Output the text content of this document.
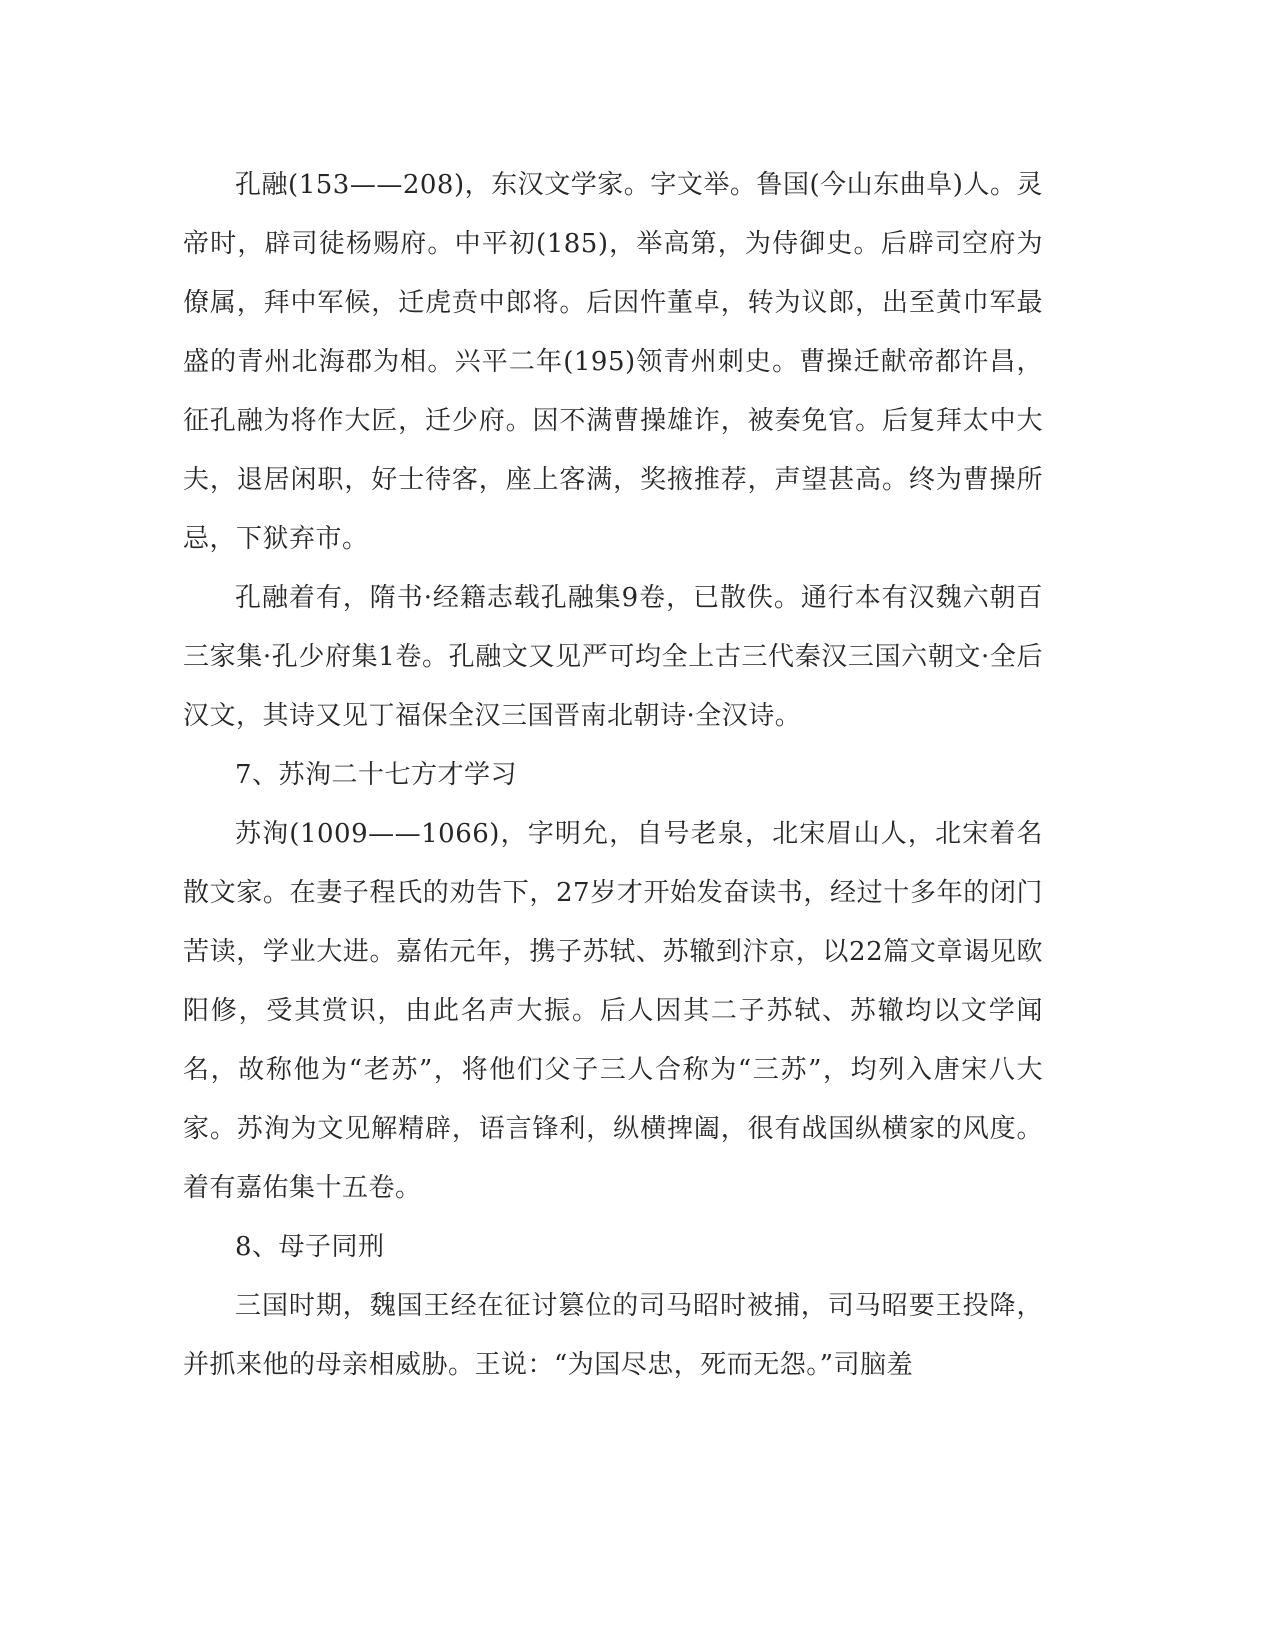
孔融(153——208)，东汉文学家。字文举。鲁国(今山东曲阜)人。灵帝时，辟司徒杨赐府。中平初(185)，举高第，为侍御史。后辟司空府为僚属，拜中军候，迁虎贲中郎将。后因忤董卓，转为议郎，出至黄巾军最盛的青州北海郡为相。兴平二年(195)领青州刺史。曹操迁献帝都许昌，征孔融为将作大匠，迁少府。因不满曹操雄诈，被奏免官。后复拜太中大夫，退居闲职，好士待客，座上客满，奖掖推荐，声望甚高。终为曹操所忌，下狱弃市。

孔融着有，隋书·经籍志载孔融集9卷，已散佚。通行本有汉魏六朝百三家集·孔少府集1卷。孔融文又见严可均全上古三代秦汉三国六朝文·全后汉文，其诗又见丁福保全汉三国晋南北朝诗·全汉诗。

7、苏洵二十七方才学习

苏洵(1009——1066)，字明允，自号老泉，北宋眉山人，北宋着名散文家。在妻子程氏的劝告下，27岁才开始发奋读书，经过十多年的闭门苦读，学业大进。嘉佑元年，携子苏轼、苏辙到汴京，以22篇文章谒见欧阳修，受其赏识，由此名声大振。后人因其二子苏轼、苏辙均以文学闻名，故称他为“老苏”，将他们父子三人合称为“三苏”，均列入唐宋八大家。苏洵为文见解精辟，语言锋利，纵横捭阖，很有战国纵横家的风度。着有嘉佑集十五卷。

8、母子同刑

三国时期，魏国王经在征讨篡位的司马昭时被捕，司马昭要王投降，并抓来他的母亲相威胁。王说：“为国尽忠，死而无怨。”司脑羞
